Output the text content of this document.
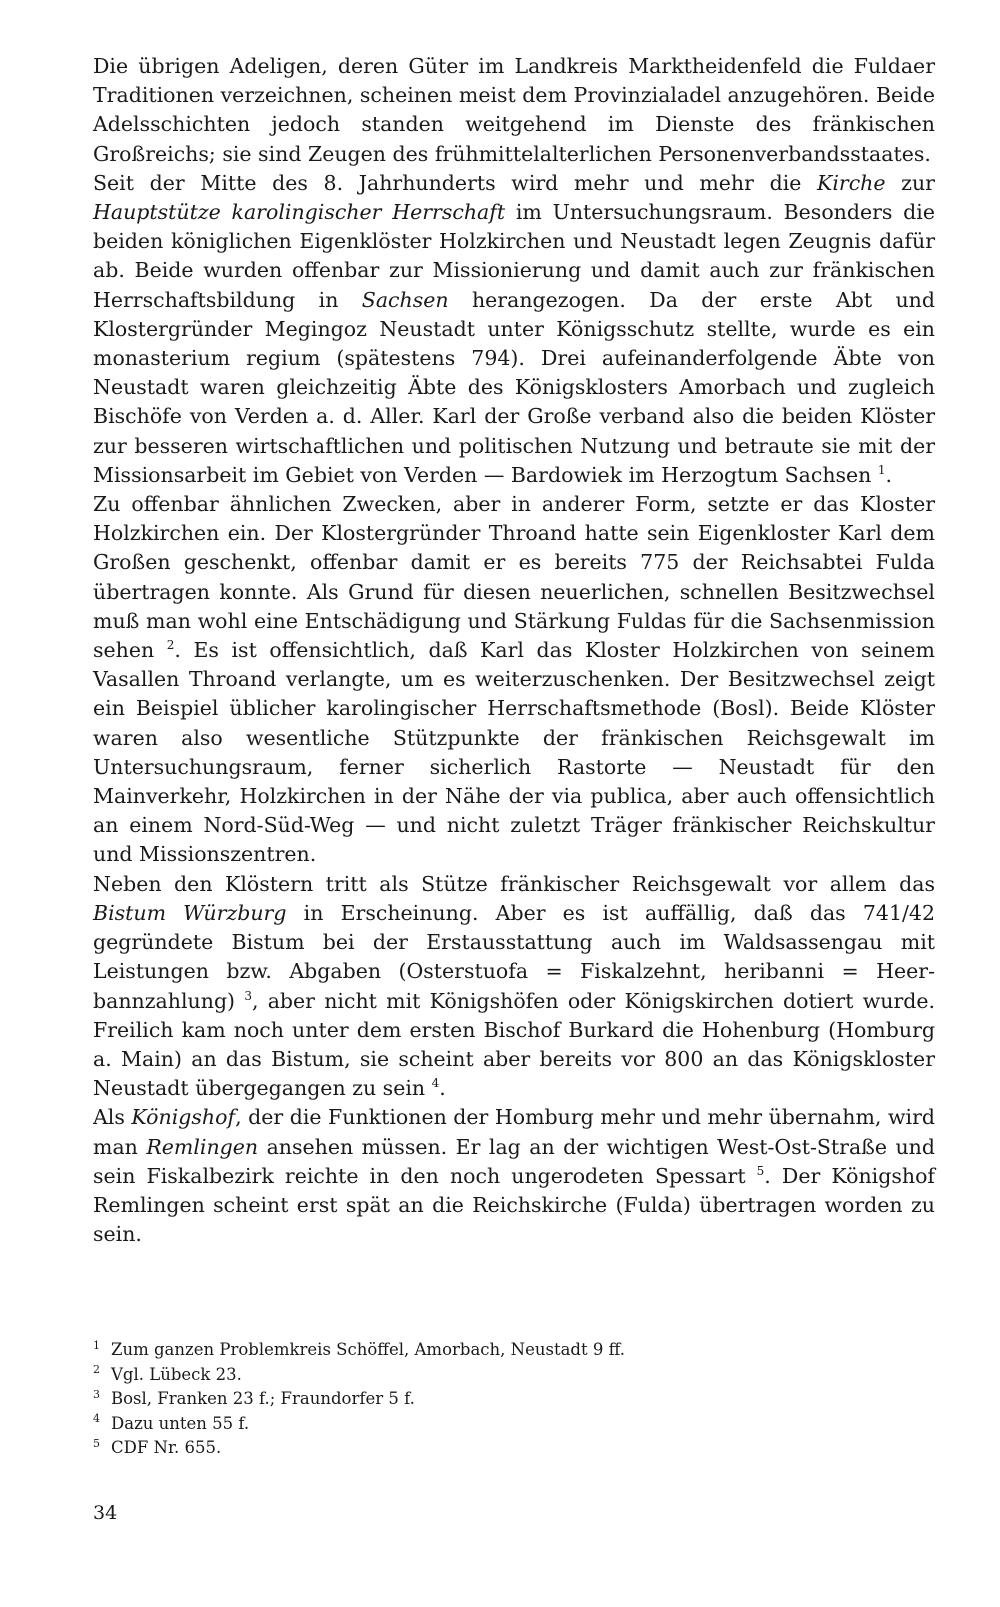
Die übrigen Adeligen, deren Güter im Landkreis Marktheidenfeld die Fuldaer Traditionen verzeichnen, scheinen meist dem Provinzialadel anzugehören. Beide Adelsschichten jedoch standen weitgehend im Dienste des fränkischen Großreichs; sie sind Zeugen des frühmittelalterlichen Personenverbandsstaates.

Seit der Mitte des 8. Jahrhunderts wird mehr und mehr die Kirche zur Hauptstütze karolingischer Herrschaft im Untersuchungsraum. Besonders die beiden königlichen Eigenklöster Holzkirchen und Neustadt legen Zeugnis dafür ab. Beide wurden offenbar zur Missionierung und damit auch zur fränkischen Herrschaftsbildung in Sachsen herangezogen. Da der erste Abt und Klostergründer Megingoz Neustadt unter Königsschutz stellte, wurde es ein monasterium regium (spätestens 794). Drei aufeinanderfolgende Äbte von Neustadt waren gleichzeitig Äbte des Königsklosters Amorbach und zugleich Bischöfe von Verden a. d. Aller. Karl der Große verband also die beiden Klöster zur besseren wirtschaftlichen und politischen Nutzung und betraute sie mit der Missionsarbeit im Gebiet von Verden — Bardowiek im Herzogtum Sachsen $^1$.

Zu offenbar ähnlichen Zwecken, aber in anderer Form, setzte er das Kloster Holzkirchen ein. Der Klostergründer Throand hatte sein Eigenkloster Karl dem Großen geschenkt, offenbar damit er es bereits 775 der Reichsabtei Fulda übertragen konnte. Als Grund für diesen neuerlichen, schnellen Besitzwechsel muß man wohl eine Entschädigung und Stärkung Fuldas für die Sachsenmission sehen $^2$. Es ist offensichtlich, daß Karl das Kloster Holzkirchen von seinem Vasallen Throand verlangte, um es weiterzuschenken. Der Besitzwechsel zeigt ein Beispiel üblicher karolingischer Herrschaftsmethode (Bosl). Beide Klöster waren also wesentliche Stützpunkte der fränkischen Reichsgewalt im Untersuchungsraum, ferner sicherlich Rastorte — Neustadt für den Mainverkehr, Holzkirchen in der Nähe der via publica, aber auch offensichtlich an einem Nord-Süd-Weg — und nicht zuletzt Träger fränkischer Reichskultur und Missionszentren.

Neben den Klöstern tritt als Stütze fränkischer Reichsgewalt vor allem das Bistum Würzburg in Erscheinung. Aber es ist auffällig, daß das 741/42 gegründete Bistum bei der Erstausstattung auch im Waldsassengau mit Leistungen bzw. Abgaben (Osterstuofa = Fiskalzehnt, heribanni = Heerbannzahlung) $^3$, aber nicht mit Königshöfen oder Königskirchen dotiert wurde. Freilich kam noch unter dem ersten Bischof Burkard die Hohenburg (Homburg a. Main) an das Bistum, sie scheint aber bereits vor 800 an das Königskloster Neustadt übergegangen zu sein $^4$.

Als Königshof, der die Funktionen der Homburg mehr und mehr übernahm, wird man Remlingen ansehen müssen. Er lag an der wichtigen West-Ost-Straße und sein Fiskalbezirk reichte in den noch ungerodeten Spessart $^5$. Der Königshof Remlingen scheint erst spät an die Reichskirche (Fulda) übertragen worden zu sein.

1 Zum ganzen Problemkreis Schöffel, Amorbach, Neustadt 9 ff.

2 Vgl. Lübeck 23.

3 Bosl, Franken 23 f.; Fraundorfer 5 f.

4 Dazu unten 55 f.

5 CDF Nr. 655.

34
